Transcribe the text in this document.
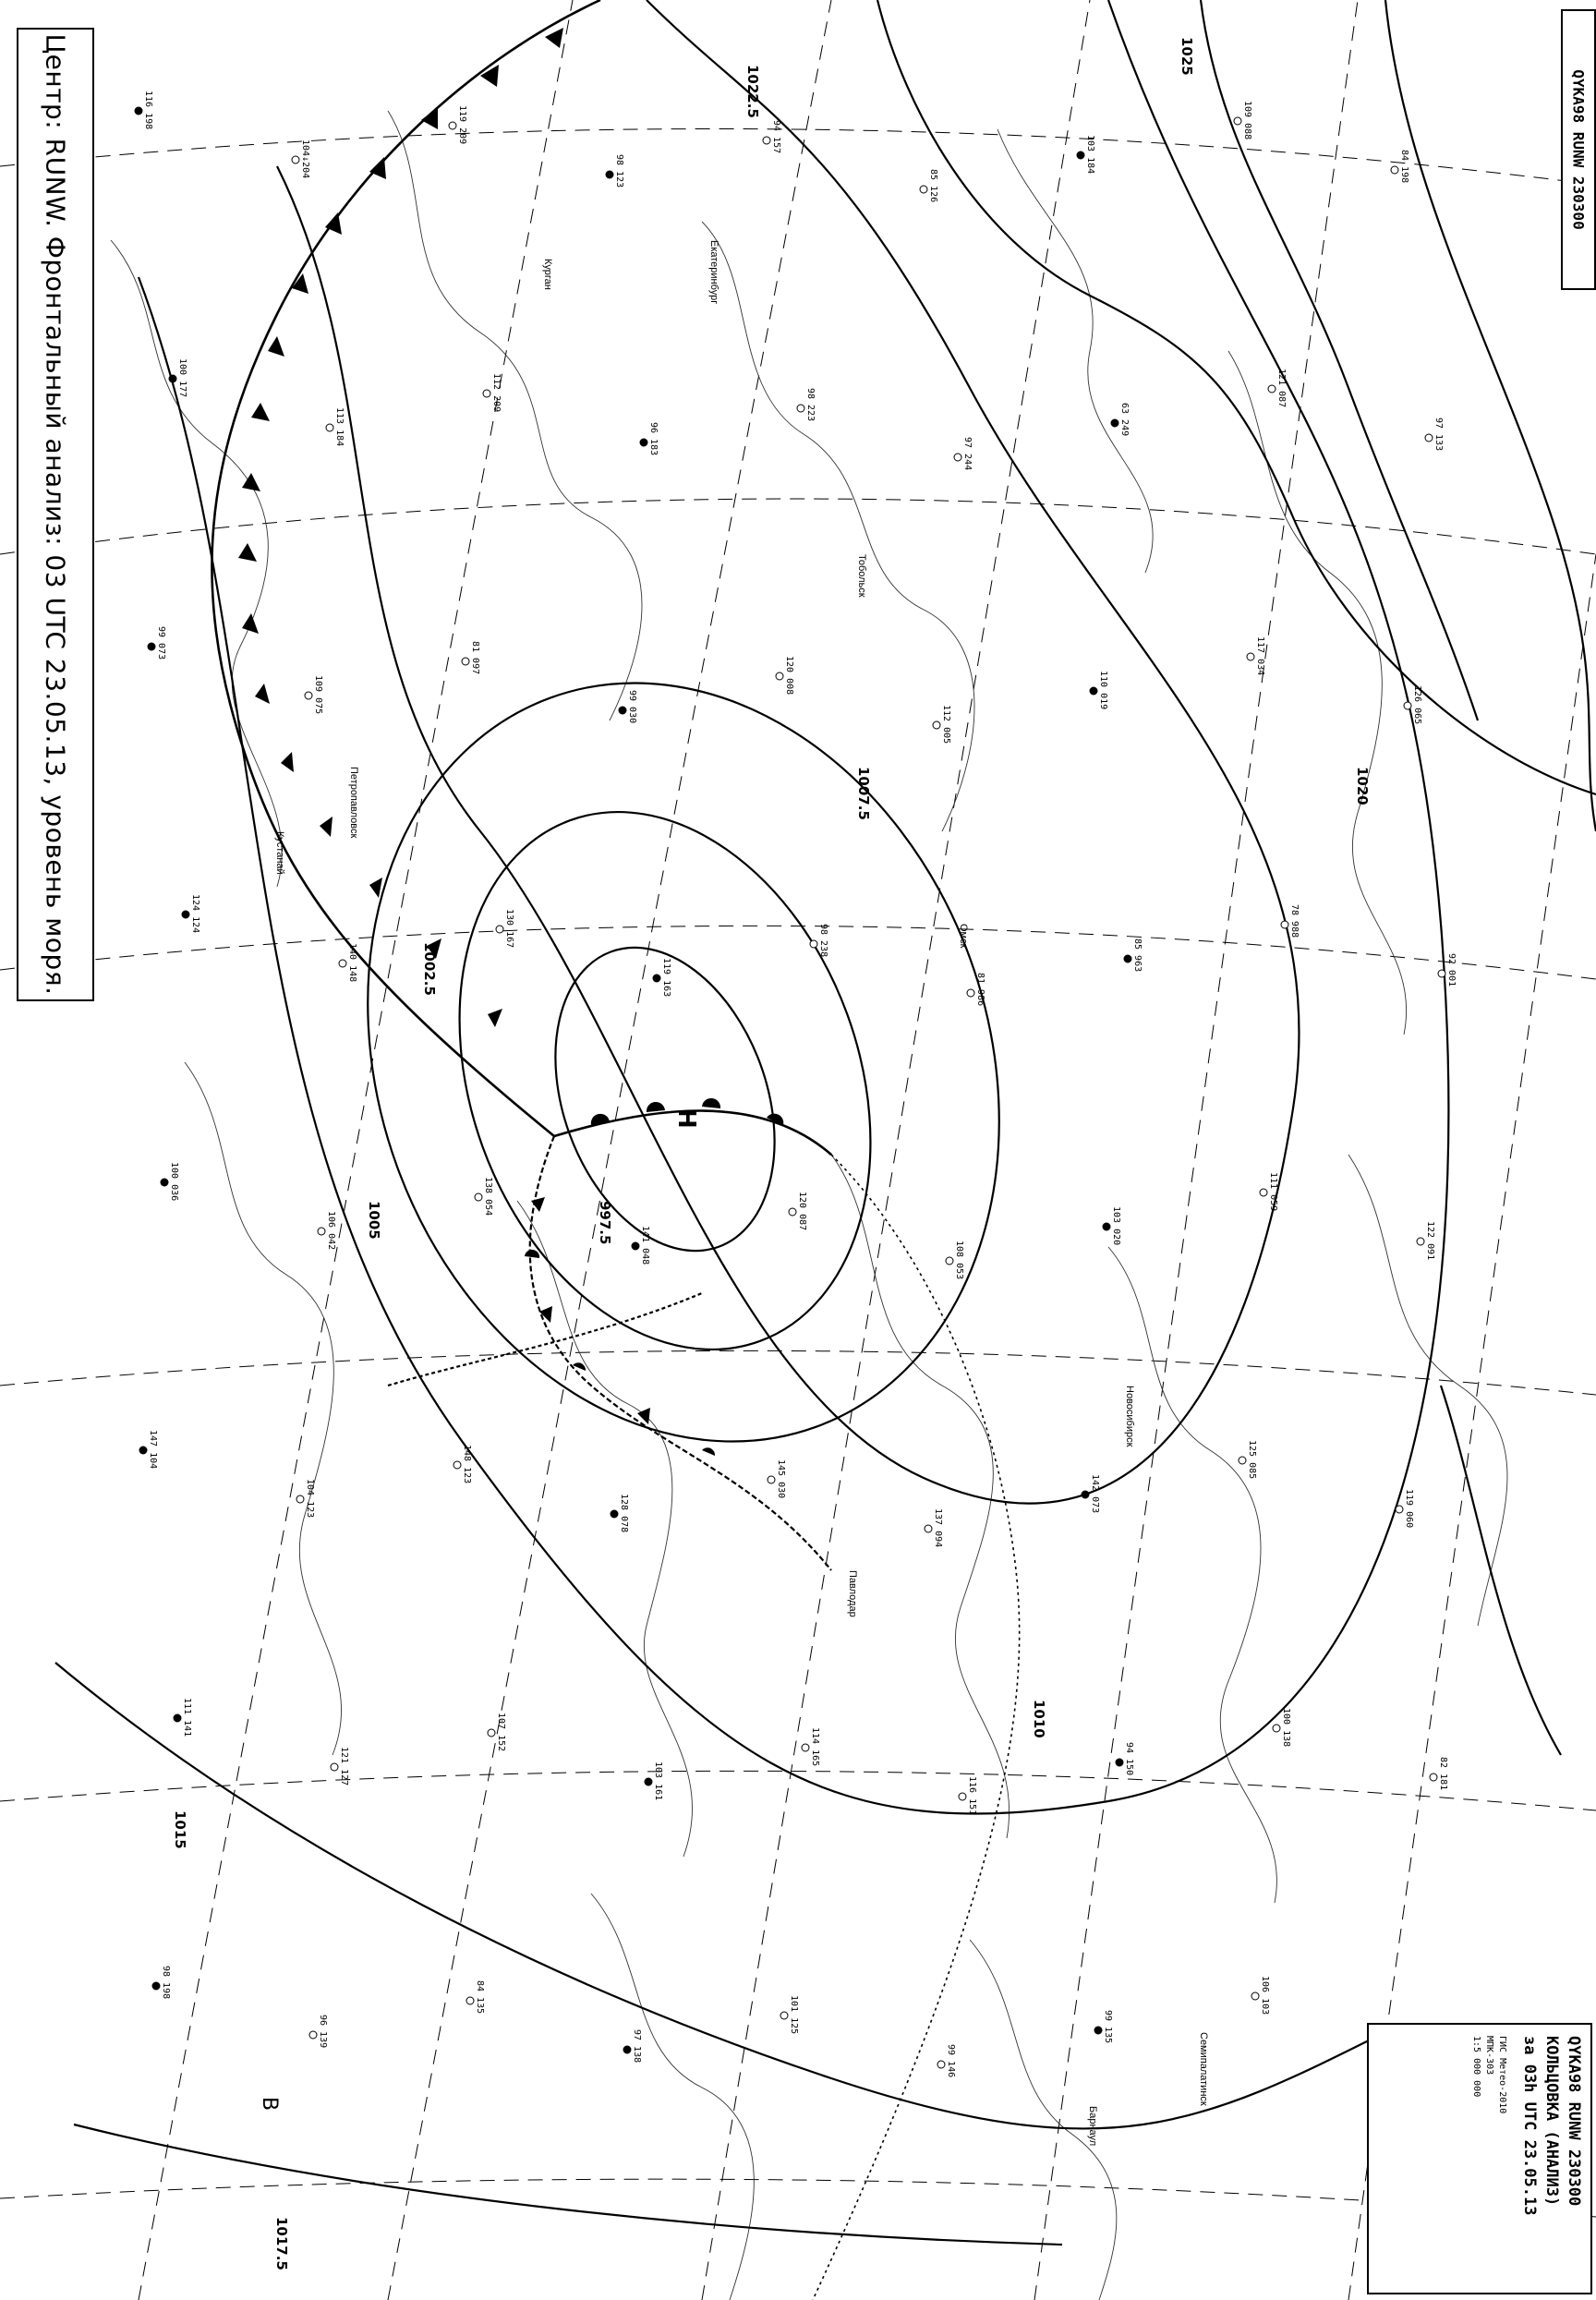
997.5
1002.5
1005
1007.5
1010
1015
1017.5
1020
1022.5
1025
Н
В
Екатеринбург
Кустанай
Тобольск
Омск
Новосибирск
Павлодар
Барнаул
Курган
Петропавловск
Семипалатинск
116 198
104↓204
119 209
98 123
94 157
85 126
103 184
109 088
84 198
100 177
113 184
112 209
96 183
98 223
97 244
63 249
121 087
97 133
99 073
109 075
81 097
99 030
120 008
112 005
110 019
117 034
126 065
124 124
140 148
130 167
119 163
98 238
81 986
85 963
78 988
92 001
100 036
106 042
138 054
141 048
120 087
108 053
103 020
111 059
122 091
147 104
104 123
148 123
128 078
145 030
137 094
142 073
125 085
119 060
111 141
121 127
107 152
103 161
114 165
116 151
94 150
100 138
82 181
98 198
96 139
84 135
97 138
101 125
99 146
99 135
106 103
Центр: RUNW. Фронтальный анализ: 03 UTC 23.05.13, уровень моря.	QYKA98 RUNW 230300
QYKA98 RUNW 230300
КОЛЬЦОВКА (АНАЛИЗ)
за 03h UTC 23.05.13
ГИС Метео-2010
МПК-303
1:5 000 000
